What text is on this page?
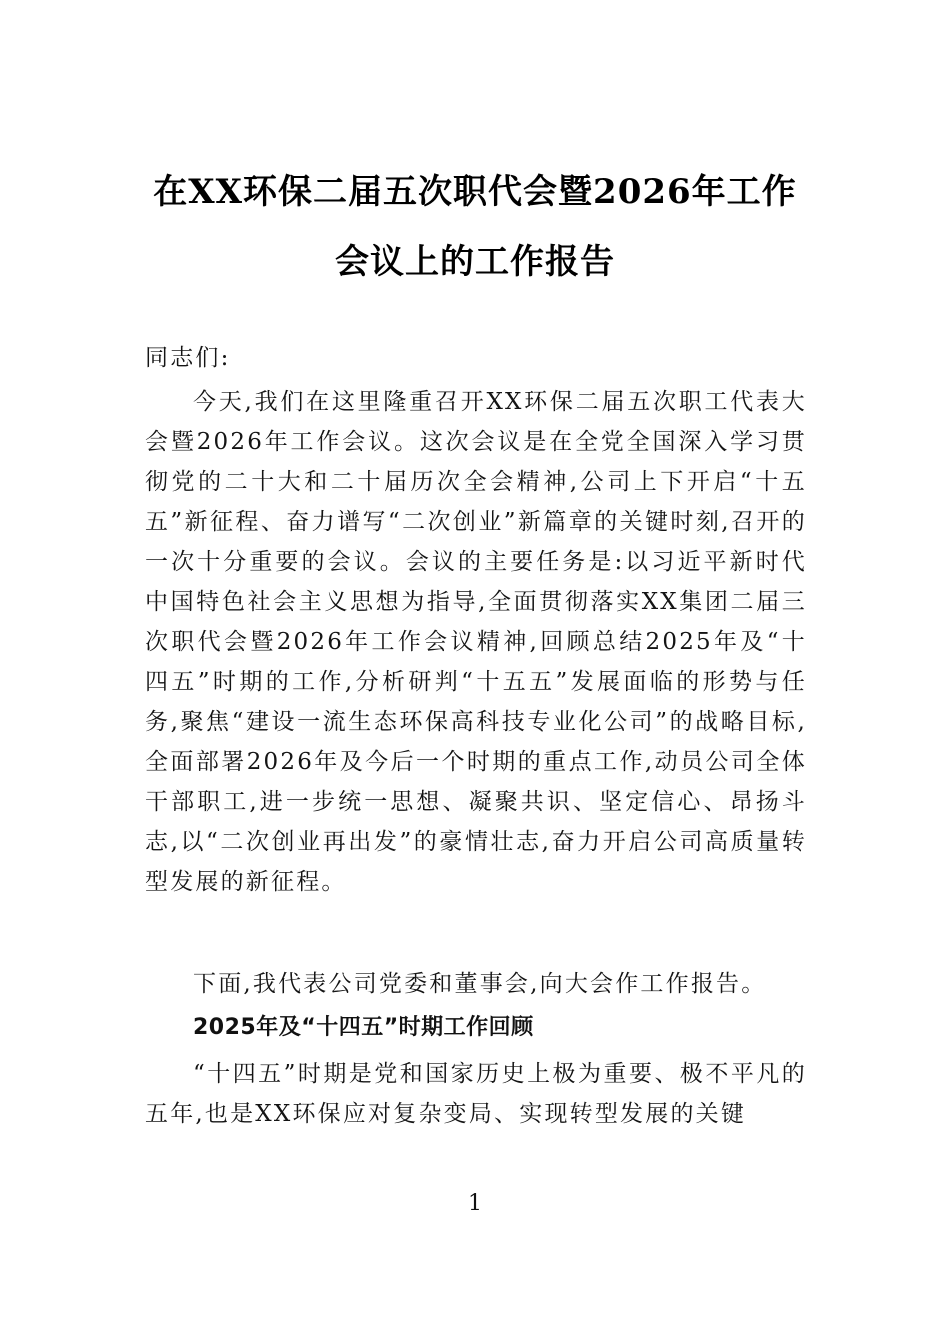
在XX环保二届五次职代会暨2026年工作
会议上的工作报告
同志们:
今天,我们在这里隆重召开XX环保二届五次职工代表大会暨2026年工作会议。这次会议是在全党全国深入学习贯彻党的二十大和二十届历次全会精神,公司上下开启“十五五”新征程、奋力谱写“二次创业”新篇章的关键时刻,召开的一次十分重要的会议。会议的主要任务是:以习近平新时代中国特色社会主义思想为指导,全面贯彻落实XX集团二届三次职代会暨2026年工作会议精神,回顾总结2025年及“十四五”时期的工作,分析研判“十五五”发展面临的形势与任务,聚焦“建设一流生态环保高科技专业化公司”的战略目标,全面部署2026年及今后一个时期的重点工作,动员公司全体干部职工,进一步统一思想、凝聚共识、坚定信心、昂扬斗志,以“二次创业再出发”的豪情壮志,奋力开启公司高质量转型发展的新征程。
下面,我代表公司党委和董事会,向大会作工作报告。
2025年及“十四五”时期工作回顾
“十四五”时期是党和国家历史上极为重要、极不平凡的五年,也是XX环保应对复杂变局、实现转型发展的关键
1
